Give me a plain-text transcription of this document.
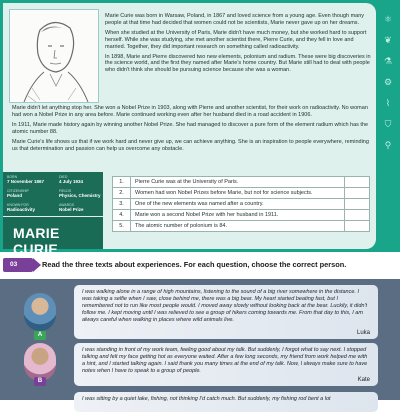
Marie Curie was born in Warsaw, Poland, in 1867 and loved science from a young age. Even though many people at that time had decided that women could not be scientists, Marie never gave up on her dreams.

When she studied at the University of Paris, Marie didn't have much money, but she worked hard to support herself. While she was studying, she met another scientist there, Pierre Curie, and they fell in love and married. Together, they did important research on something called radioactivity.

In 1898, Marie and Pierre discovered two new elements, polonium and radium. These were big discoveries in the science world, and the first they named after Marie's home country. But Marie still had to deal with people who didn't think she should be pursuing science because she was a woman.

Marie didn't let anything stop her. She won a Nobel Prize in 1903, along with Pierre and another scientist, for their work on radioactivity. No woman had won a Nobel Prize in any area before. Marie continued working even after her husband died in a road accident in 1906.

In 1911, Marie made history again by winning another Nobel Prize. She had managed to discover a pure form of the element radium which has the atomic number 88.

Marie Curie's life shows us that if we work hard and never give up, we can achieve anything. She is an inspiration to people everywhere, reminding us that determination and passion can help us overcome any obstacle.

⚛
❦
⚗
⚙
⌇
⛉
⚲
BORN
7 November 1867
DIED
4 July 1934
CITIZENSHIP
Poland
FIELDS
Physics, Chemistry
KNOWN FOR
Radioactivity
AWARDS
Nobel Prize
MARIE CURIE
1.	Pierre Curie was at the University of Paris.	
2.	Women had won Nobel Prizes before Marie, but not for science subjects.	
3.	One of the new elements was named after a country.	
4.	Marie won a second Nobel Prize with her husband in 1911.	
5.	The atomic number of polonium is 84.	
03	Read the three texts about experiences. For each question, choose the correct person.
A

I was walking alone in a range of high mountains, listening to the sound of a big river somewhere in the distance. I was taking a selfie when I saw, close behind me, there was a big bear. My heart started beating fast, but I remembered not to run like most people would. I moved away slowly without looking back at the bear. Luckily, it didn't follow me. I kept moving until I was relieved to see a group of hikers coming towards me. From that day to this, I am always careful when walking in places where wild animals live.

Luka
B

I was standing in front of my work team, feeling good about my talk. But suddenly, I forgot what to say next. I stopped talking and felt my face getting hot as everyone waited. After a few long seconds, my friend from work helped me with a hint, and I started talking again. I said thank you many times at the end of my talk. Now, I always make sure to have notes when I have to speak to a group of people.

Kate

I was sitting by a quiet lake, fishing, not thinking I'd catch much. But suddenly, my fishing rod bent a lot
